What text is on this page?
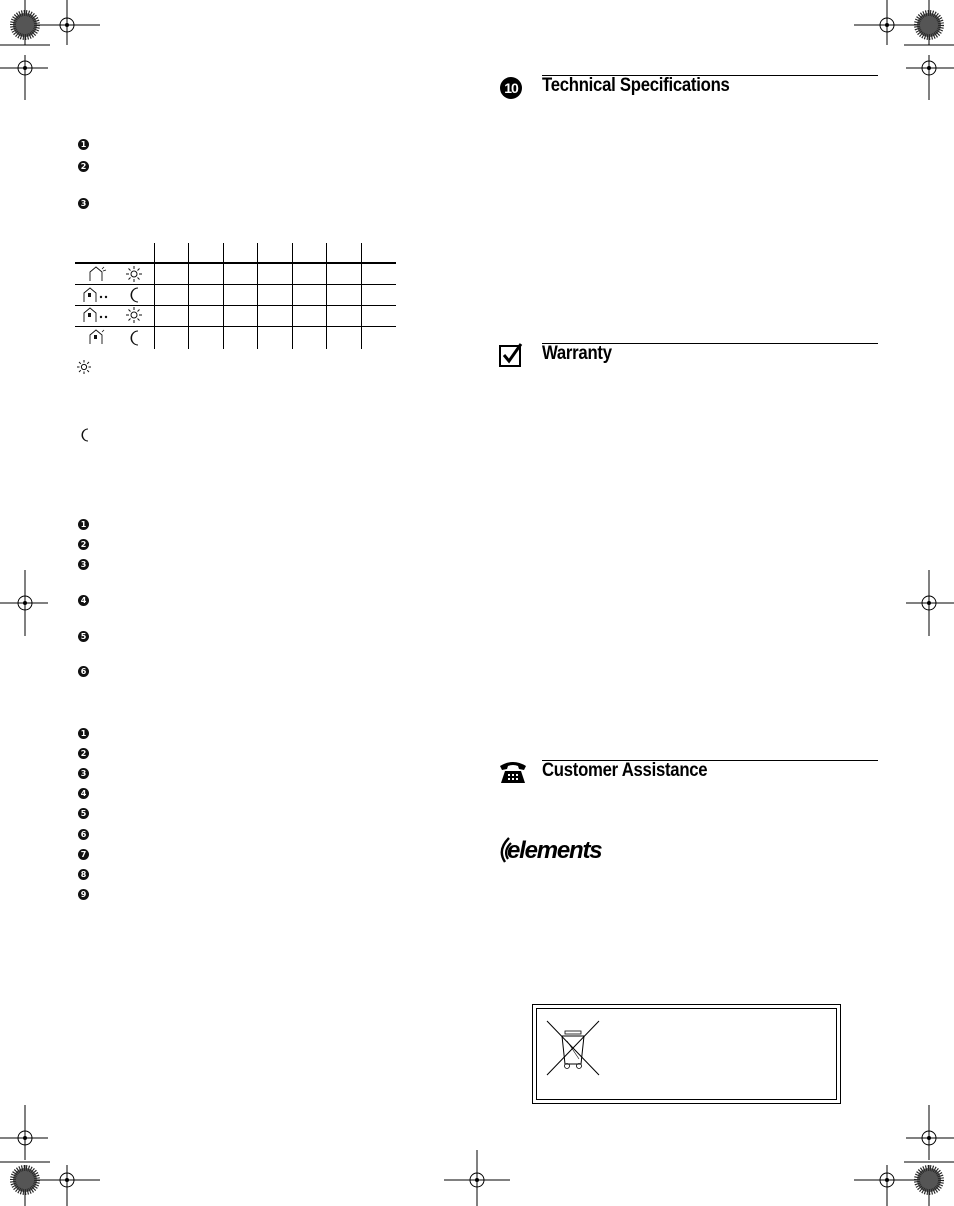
1
2
3
1
2
3
4
5
6
1
2
3
4
5
6
7
8
9
10 Technical Specifications
Warranty
Customer Assistance
elements
